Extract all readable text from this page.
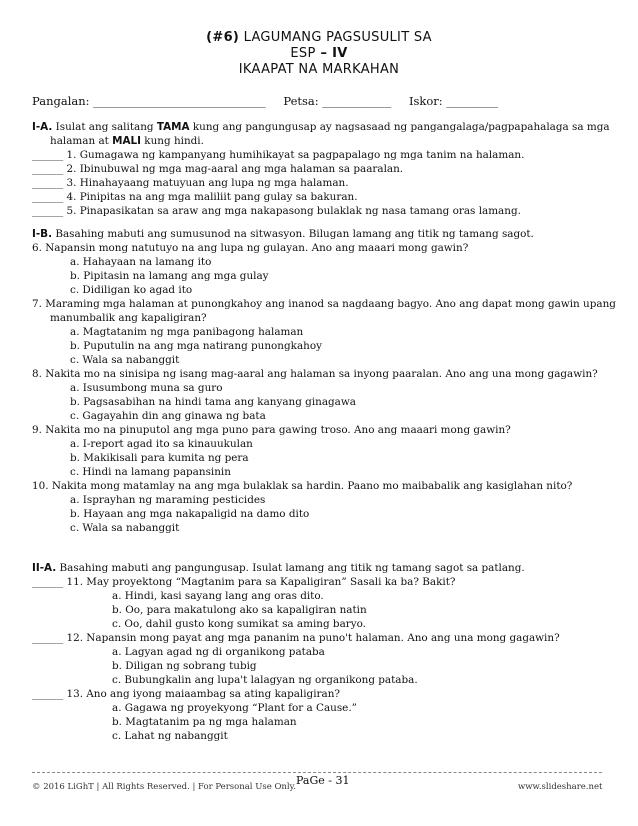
(#6) LAGUMANG PAGSUSULIT SA
ESP – IV
IKAAPAT NA MARKAHAN
Pangalan: ______________________________ Petsa: ____________ Iskor: _________
I-A. Isulat ang salitang TAMA kung ang pangungusap ay nagsasaad ng pangangalaga/pagpapahalaga sa mga
halaman at MALI kung hindi.
______ 1. Gumagawa ng kampanyang humihikayat sa pagpapalago ng mga tanim na halaman.
______ 2. Ibinubuwal ng mga mag-aaral ang mga halaman sa paaralan.
______ 3. Hinahayaang matuyuan ang lupa ng mga halaman.
______ 4. Pinipitas na ang mga maliliit pang gulay sa bakuran.
______ 5. Pinapasikatan sa araw ang mga nakapasong bulaklak ng nasa tamang oras lamang.
I-B. Basahing mabuti ang sumusunod na sitwasyon. Bilugan lamang ang titik ng tamang sagot.
6. Napansin mong natutuyo na ang lupa ng gulayan. Ano ang maaari mong gawin?
a. Hahayaan na lamang ito
b. Pipitasin na lamang ang mga gulay
c. Didiligan ko agad ito
7. Maraming mga halaman at punongkahoy ang inanod sa nagdaang bagyo. Ano ang dapat mong gawin upang
manumbalik ang kapaligiran?
a. Magtatanim ng mga panibagong halaman
b. Puputulin na ang mga natirang punongkahoy
c. Wala sa nabanggit
8. Nakita mo na sinisipa ng isang mag-aaral ang halaman sa inyong paaralan. Ano ang una mong gagawin?
a. Isusumbong muna sa guro
b. Pagsasabihan na hindi tama ang kanyang ginagawa
c. Gagayahin din ang ginawa ng bata
9. Nakita mo na pinuputol ang mga puno para gawing troso. Ano ang maaari mong gawin?
a. I-report agad ito sa kinauukulan
b. Makikisali para kumita ng pera
c. Hindi na lamang papansinin
10. Nakita mong matamlay na ang mga bulaklak sa hardin. Paano mo maibabalik ang kasiglahan nito?
a. Isprayhan ng maraming pesticides
b. Hayaan ang mga nakapaligid na damo dito
c. Wala sa nabanggit
II-A. Basahing mabuti ang pangungusap. Isulat lamang ang titik ng tamang sagot sa patlang.
______ 11. May proyektong “Magtanim para sa Kapaligiran” Sasali ka ba? Bakit?
a. Hindi, kasi sayang lang ang oras dito.
b. Oo, para makatulong ako sa kapaligiran natin
c. Oo, dahil gusto kong sumikat sa aming baryo.
______ 12. Napansin mong payat ang mga pananim na puno't halaman. Ano ang una mong gagawin?
a. Lagyan agad ng di organikong pataba
b. Diligan ng sobrang tubig
c. Bubungkalin ang lupa't lalagyan ng organikong pataba.
______ 13. Ano ang iyong maiaambag sa ating kapaligiran?
a. Gagawa ng proyekyong “Plant for a Cause.”
b. Magtatanim pa ng mga halaman
c. Lahat ng nabanggit
© 2016 LiGhT | All Rights Reserved. | For Personal Use Only. PaGe - 31	www.slideshare.net
